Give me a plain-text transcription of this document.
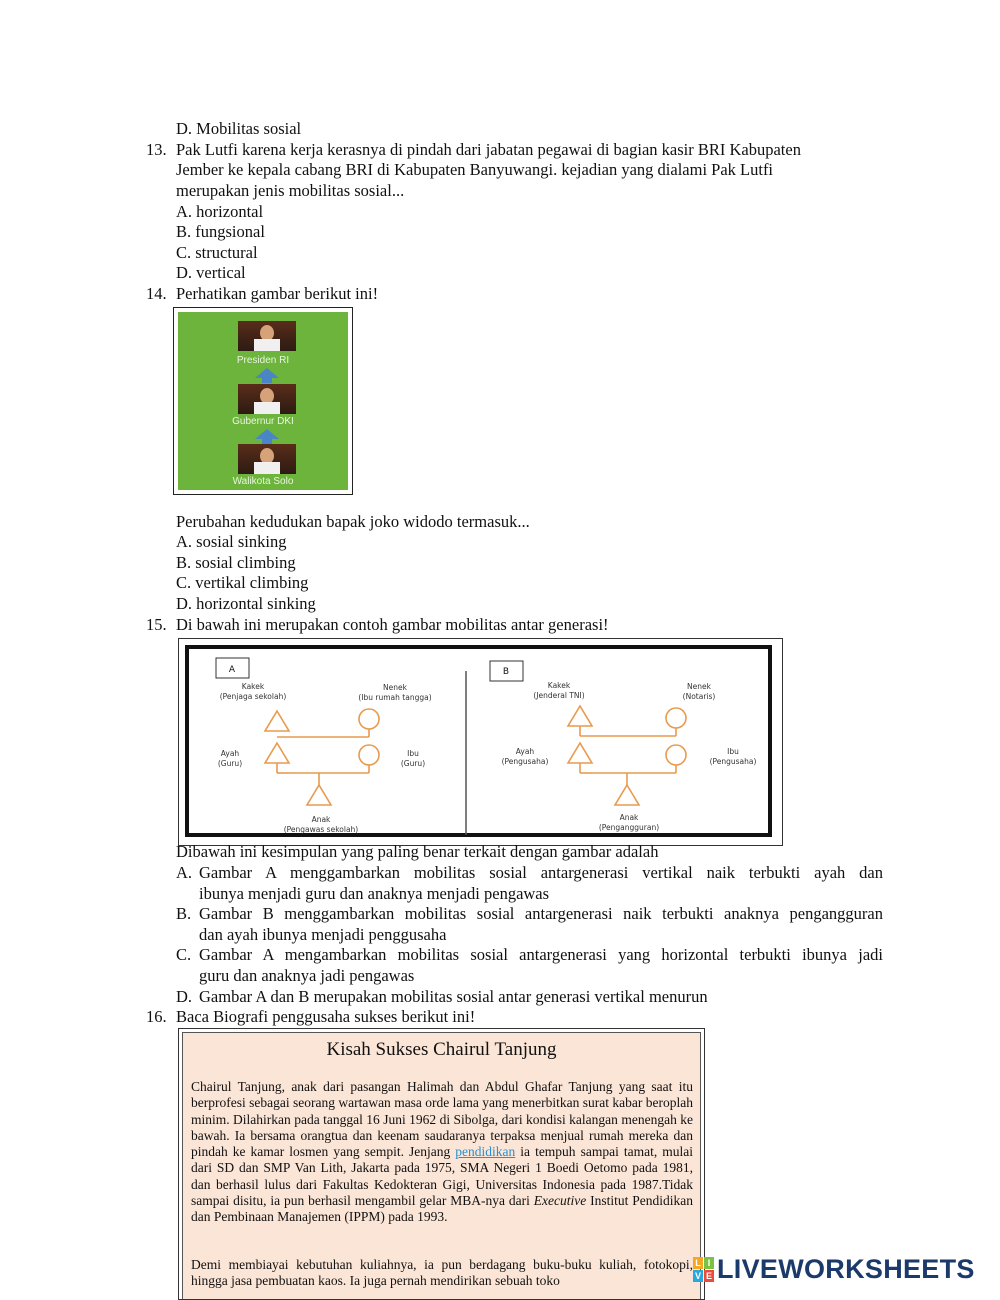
D. Mobilitas sosial
13. Pak Lutfi karena kerja kerasnya di pindah dari jabatan pegawai di bagian kasir BRI Kabupaten
Jember ke kepala cabang BRI di Kabupaten Banyuwangi. kejadian yang dialami Pak Lutfi
merupakan jenis mobilitas sosial...
A. horizontal
B. fungsional
C. structural
D. vertical
14. Perhatikan gambar berikut ini!
Presiden RI
Gubernur DKI
Walikota Solo
Perubahan kedudukan bapak joko widodo termasuk...
A. sosial sinking
B. sosial climbing
C. vertikal climbing
D. horizontal sinking
15. Di bawah ini merupakan contoh gambar mobilitas antar generasi!
A
Kakek
(Penjaga sekolah)
Nenek
(Ibu rumah tangga)
Ayah
(Guru)
Ibu
(Guru)
Anak
(Pengawas sekolah)
B
Kakek
(Jenderal TNI)
Nenek
(Notaris)
Ayah
(Pengusaha)
Ibu
(Pengusaha)
Anak
(Pengangguran)
Dibawah ini kesimpulan yang paling benar terkait dengan gambar adalah
A. Gambar A menggambarkan mobilitas sosial antargenerasi vertikal naik terbukti ayah dan
ibunya menjadi guru dan anaknya menjadi pengawas
B. Gambar B menggambarkan mobilitas sosial antargenerasi naik terbukti anaknya pengangguran
dan ayah ibunya menjadi penggusaha
C. Gambar A mengambarkan mobilitas sosial antargenerasi yang horizontal terbukti ibunya jadi
guru dan anaknya jadi pengawas
D. Gambar A dan B merupakan mobilitas sosial antar generasi vertikal menurun
16. Baca Biografi penggusaha sukses berikut ini!
Kisah Sukses Chairul Tanjung
Chairul Tanjung, anak dari pasangan Halimah dan Abdul Ghafar Tanjung yang saat itu berprofesi sebagai seorang wartawan masa orde lama yang menerbitkan surat kabar beroplah minim. Dilahirkan pada tanggal 16 Juni 1962 di Sibolga, dari kondisi kalangan menengah ke bawah. Ia bersama orangtua dan keenam saudaranya terpaksa menjual rumah mereka dan pindah ke kamar losmen yang sempit. Jenjang pendidikan ia tempuh sampai tamat, mulai dari SD dan SMP Van Lith, Jakarta pada 1975, SMA Negeri 1 Boedi Oetomo pada 1981, dan berhasil lulus dari Fakultas Kedokteran Gigi, Universitas Indonesia pada 1987.Tidak sampai disitu, ia pun berhasil mengambil gelar MBA-nya dari Executive Institut Pendidikan dan Pembinaan Manajemen (IPPM) pada 1993.
Demi membiayai kebutuhan kuliahnya, ia pun berdagang buku-buku kuliah, fotokopi, hingga jasa pembuatan kaos. Ia juga pernah mendirikan sebuah toko
L I
V E LIVEWORKSHEETS
